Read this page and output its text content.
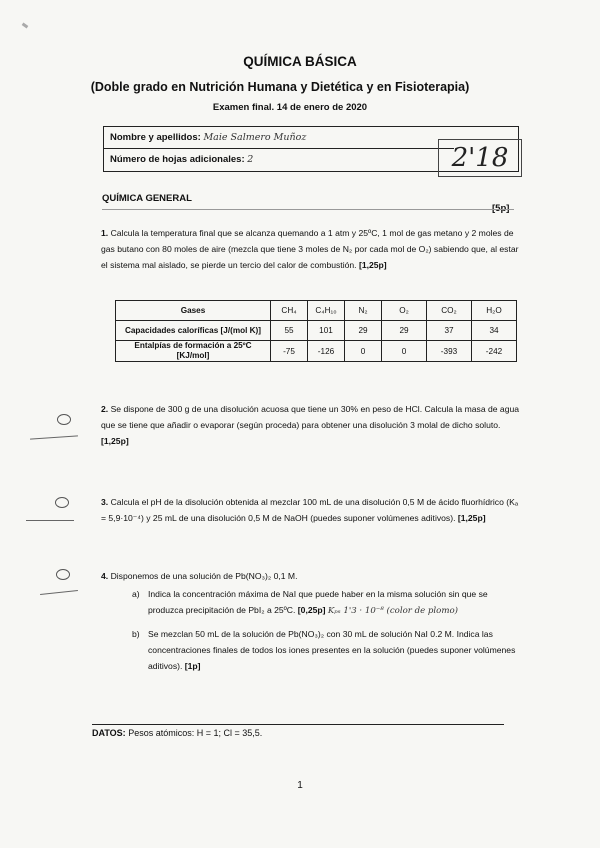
QUÍMICA BÁSICA
(Doble grado en Nutrición Humana y Dietética y en Fisioterapia)
Examen final. 14 de enero de 2020
Nombre y apellidos: Maie Salmero Muñoz
Número de hojas adicionales: 2	2'18
QUÍMICA GENERAL
1. Calcula la temperatura final que se alcanza quemando a 1 atm y 25ºC, 1 mol de gas metano y 2 moles de gas butano con 80 moles de aire (mezcla que tiene 3 moles de N₂ por cada mol de O₂) sabiendo que, al estar el sistema mal aislado, se pierde un tercio del calor de combustión. [1,25p]
Gases	CH₄	C₄H₁₀	N₂	O₂	CO₂	H₂O
Capacidades caloríficas [J/(mol K)]	55	101	29	29	37	34
Entalpías de formación a 25ºC [KJ/mol]	-75	-126	0	0	-393	-242
2. Se dispone de 300 g de una disolución acuosa que tiene un 30% en peso de HCl. Calcula la masa de agua que se tiene que añadir o evaporar (según proceda) para obtener una disolución 3 molal de dicho soluto. [1,25p]
3. Calcula el pH de la disolución obtenida al mezclar 100 mL de una disolución 0,5 M de ácido fluorhídrico (Kₐ = 5,9·10⁻⁴) y 25 mL de una disolución 0,5 M de NaOH (puedes suponer volúmenes aditivos). [1,25p]
4. Disponemos de una solución de Pb(NO₃)₂ 0,1 M.
a) Indica la concentración máxima de NaI que puede haber en la misma solución sin que se produzca precipitación de PbI₂ a 25ºC. [0,25p] Kₚₛ 1'3 · 10⁻⁸ (color de plomo)
b) Se mezclan 50 mL de la solución de Pb(NO₃)₂ con 30 mL de solución NaI 0.2 M. Indica las concentraciones finales de todos los iones presentes en la solución (puedes suponer volúmenes aditivos). [1p]
DATOS: Pesos atómicos: H = 1; Cl = 35,5.
1
